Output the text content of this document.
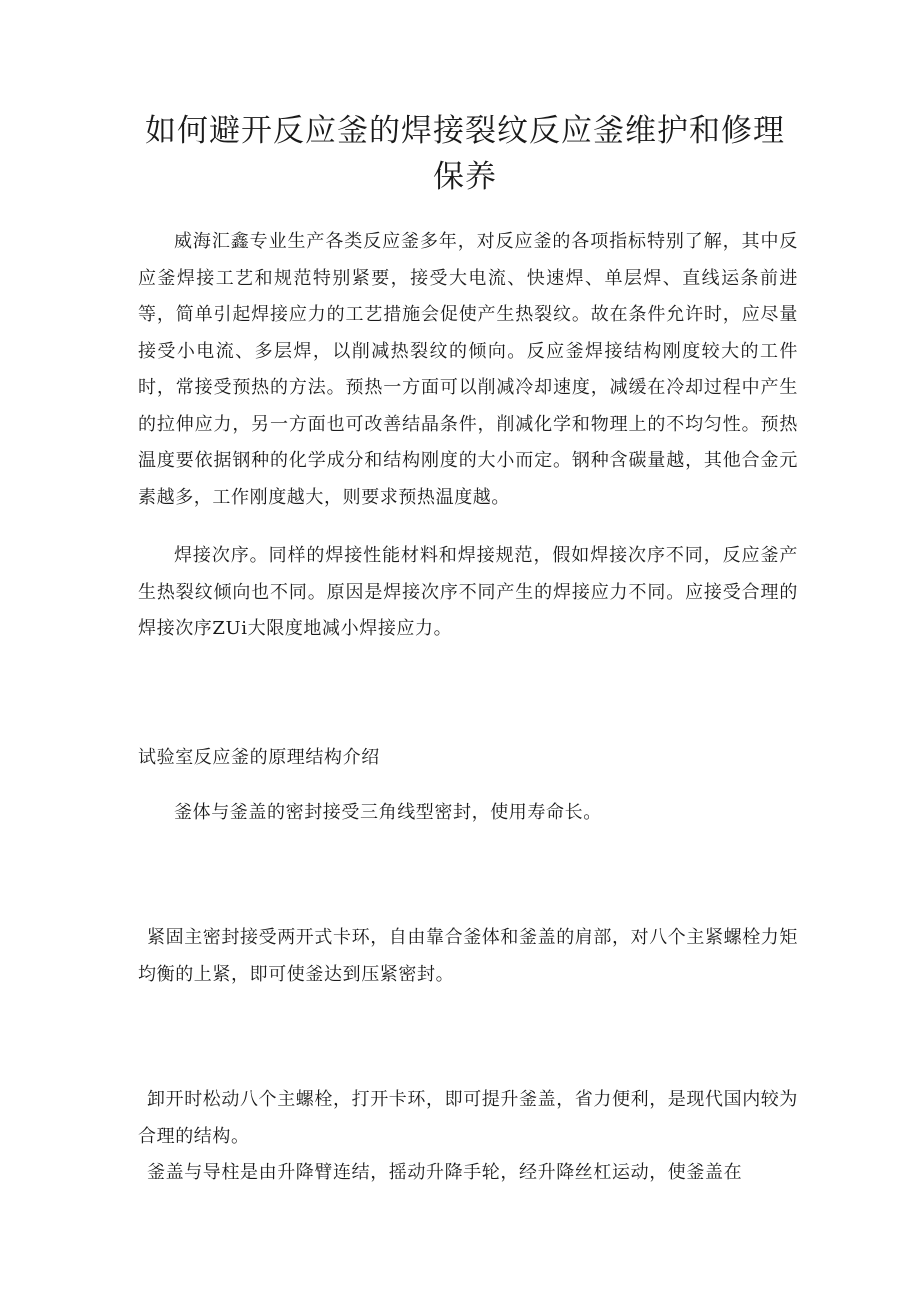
如何避开反应釜的焊接裂纹反应釜维护和修理保养

威海汇鑫专业生产各类反应釜多年，对反应釜的各项指标特别了解，其中反应釜焊接工艺和规范特别紧要，接受大电流、快速焊、单层焊、直线运条前进等，简单引起焊接应力的工艺措施会促使产生热裂纹。故在条件允许时，应尽量接受小电流、多层焊，以削减热裂纹的倾向。反应釜焊接结构刚度较大的工件时，常接受预热的方法。预热一方面可以削减冷却速度，减缓在冷却过程中产生的拉伸应力，另一方面也可改善结晶条件，削减化学和物理上的不均匀性。预热温度要依据钢种的化学成分和结构刚度的大小而定。钢种含碳量越，其他合金元素越多，工作刚度越大，则要求预热温度越。

焊接次序。同样的焊接性能材料和焊接规范，假如焊接次序不同，反应釜产生热裂纹倾向也不同。原因是焊接次序不同产生的焊接应力不同。应接受合理的焊接次序ZUi大限度地减小焊接应力。

试验室反应釜的原理结构介绍

釜体与釜盖的密封接受三角线型密封，使用寿命长。

紧固主密封接受两开式卡环，自由靠合釜体和釜盖的肩部，对八个主紧螺栓力矩均衡的上紧，即可使釜达到压紧密封。

卸开时松动八个主螺栓，打开卡环，即可提升釜盖，省力便利，是现代国内较为合理的结构。

釜盖与导柱是由升降臂连结，摇动升降手轮，经升降丝杠运动，使釜盖在
